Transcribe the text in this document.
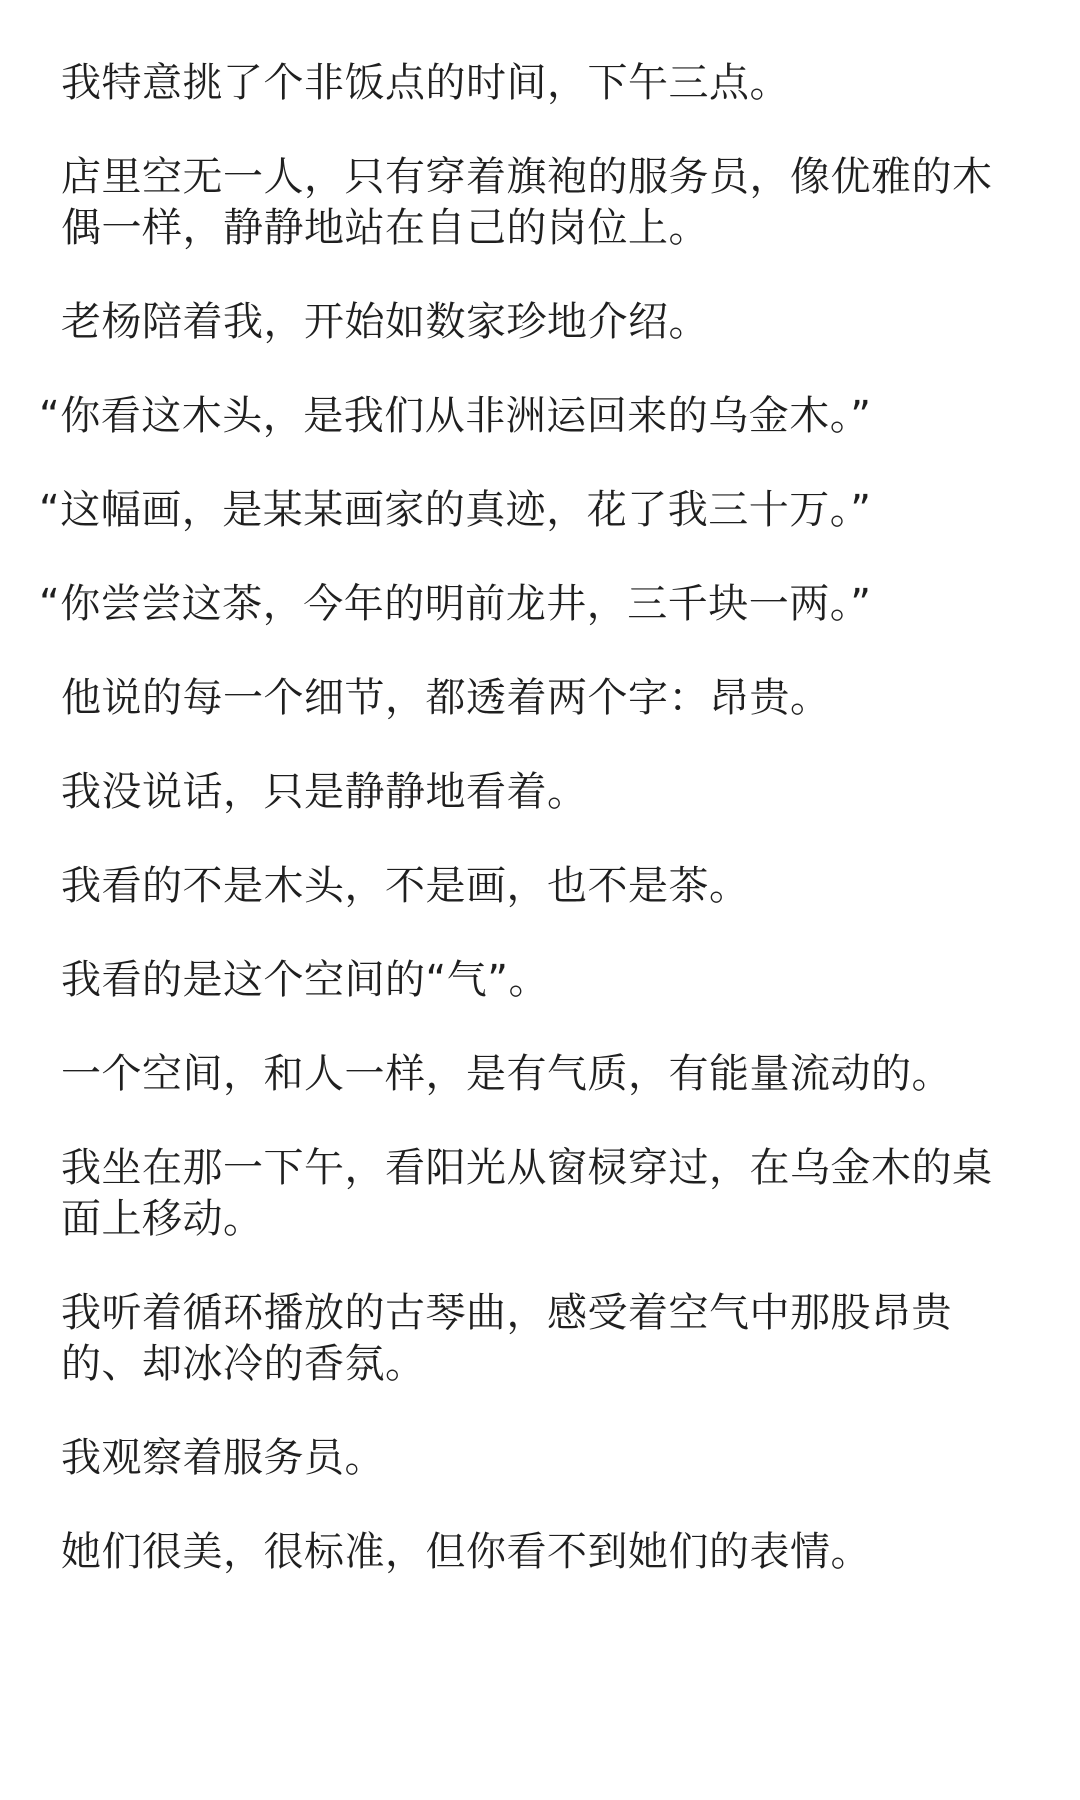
我特意挑了个非饭点的时间，下午三点。

店里空无一人，只有穿着旗袍的服务员，像优雅的木
偶一样，静静地站在自己的岗位上。

老杨陪着我，开始如数家珍地介绍。

“你看这木头，是我们从非洲运回来的乌金木。”

“这幅画，是某某画家的真迹，花了我三十万。”

“你尝尝这茶，今年的明前龙井，三千块一两。”

他说的每一个细节，都透着两个字：昂贵。

我没说话，只是静静地看着。

我看的不是木头，不是画，也不是茶。

我看的是这个空间的“气”。

一个空间，和人一样，是有气质，有能量流动的。

我坐在那一下午，看阳光从窗棂穿过，在乌金木的桌
面上移动。

我听着循环播放的古琴曲，感受着空气中那股昂贵
的、却冰冷的香氛。

我观察着服务员。

她们很美，很标准，但你看不到她们的表情。
